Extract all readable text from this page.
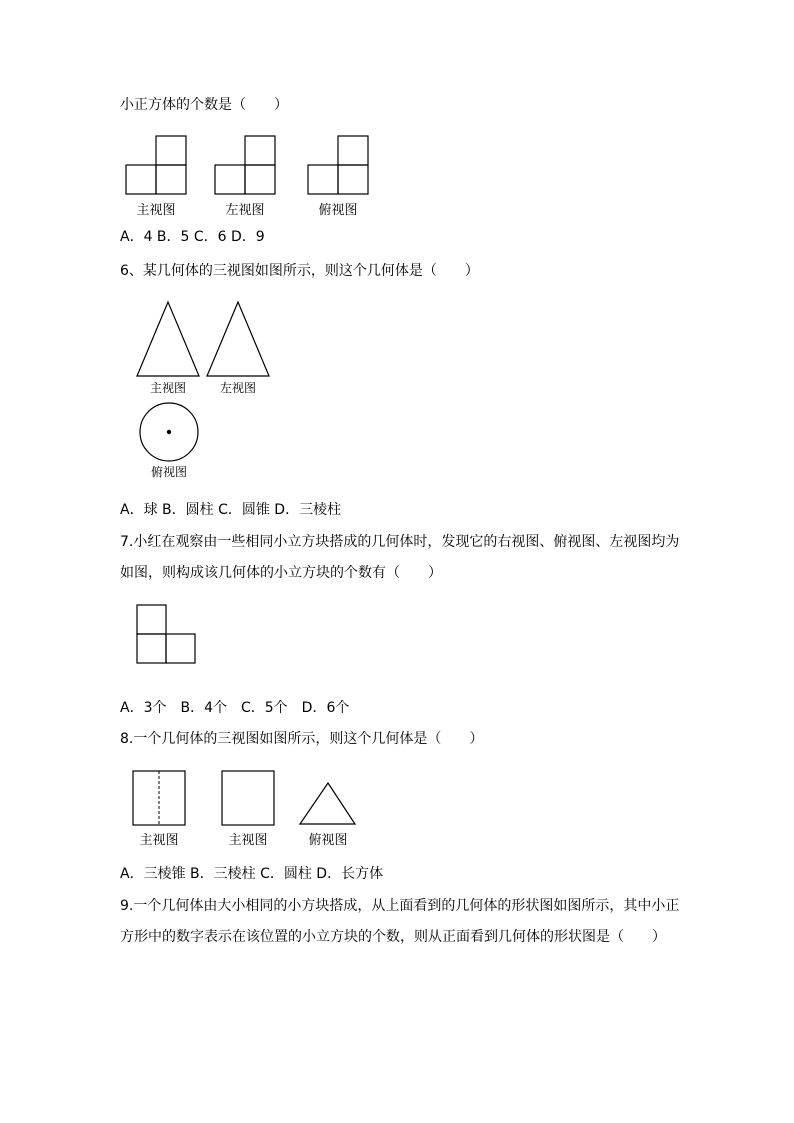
小正方体的个数是（　　）
主视图	左视图	俯视图
A．4 B．5 C．6 D．9
6、某几何体的三视图如图所示，则这个几何体是（　　）
主视图	左视图
俯视图
A．球 B．圆柱 C．圆锥 D．三棱柱
7.小红在观察由一些相同小立方块搭成的几何体时，发现它的右视图、俯视图、左视图均为
如图，则构成该几何体的小立方块的个数有（　　）
A．3个　B．4个　C．5个　D．6个
8.一个几何体的三视图如图所示，则这个几何体是（　　）
主视图	主视图	俯视图
A．三棱锥 B．三棱柱 C．圆柱 D．长方体
9.一个几何体由大小相同的小方块搭成，从上面看到的几何体的形状图如图所示，其中小正
方形中的数字表示在该位置的小立方块的个数，则从正面看到几何体的形状图是（　　）
